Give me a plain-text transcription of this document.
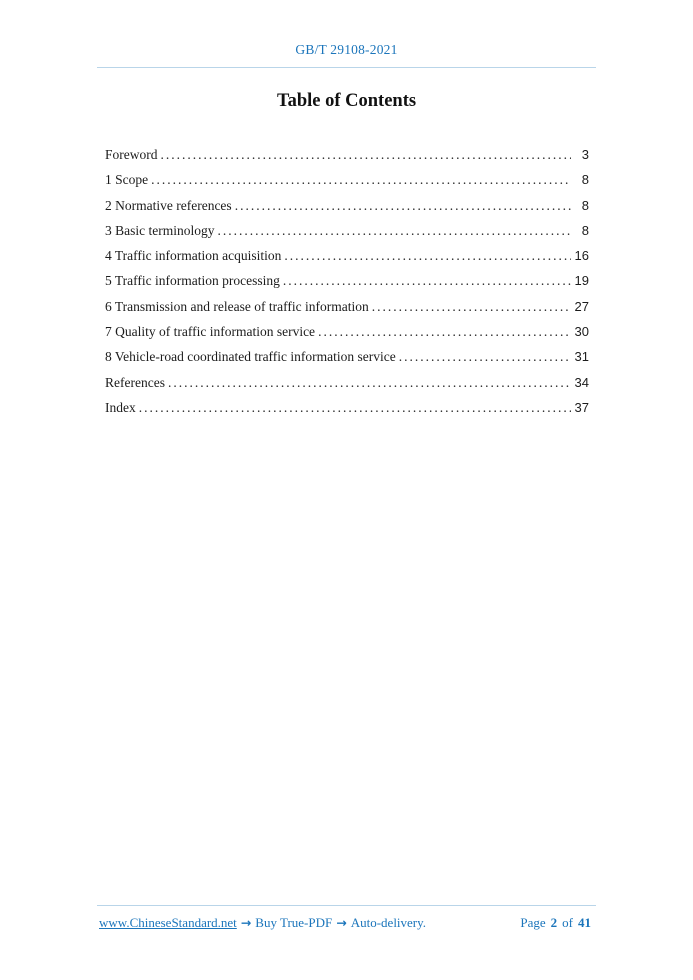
GB/T 29108-2021
Table of Contents
Foreword .....	3
1 Scope .....	8
2 Normative references .....	8
3 Basic terminology .....	8
4 Traffic information acquisition .....	16
5 Traffic information processing .....	19
6 Transmission and release of traffic information .....	27
7 Quality of traffic information service .....	30
8 Vehicle-road coordinated traffic information service .....	31
References .....	34
Index .....	37
www.ChineseStandard.net → Buy True-PDF → Auto-delivery.	Page 2 of 41
